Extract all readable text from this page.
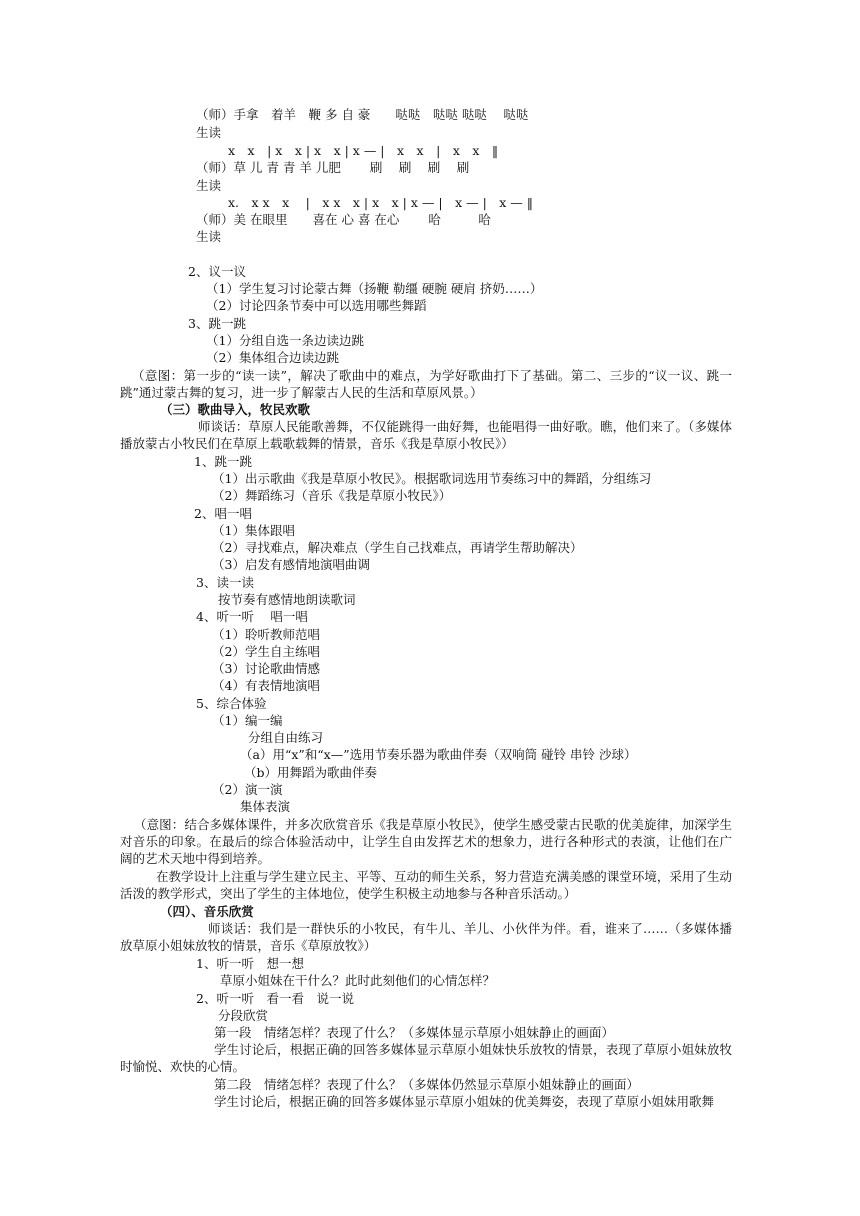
（师）手拿　着羊　鞭 多 自 豪　　哒哒　哒哒 哒哒　 哒哒
生读
x　x　| x　x | x　x | x — |　x　x　|　x　x　‖
（师）草 儿 青 青 羊 儿肥　　 刷　 刷　 刷　 刷
生读
x.　x x　x　 |　x x　x | x　x | x — |　x — |　x — ‖
（师）美 在眼里　　喜在 心 喜 在心　　 哈　　　哈
生读
2、议一议
（1）学生复习讨论蒙古舞（扬鞭 勒缰 硬腕 硬肩 挤奶……）
（2）讨论四条节奏中可以选用哪些舞蹈
3、跳一跳
（1）分组自选一条边读边跳
（2）集体组合边读边跳
（意图：第一步的“读一读”，解决了歌曲中的难点，为学好歌曲打下了基础。第二、三步的“议一议、跳一跳”通过蒙古舞的复习，进一步了解蒙古人民的生活和草原风景。）
（三）歌曲导入，牧民欢歌
师谈话：草原人民能歌善舞，不仅能跳得一曲好舞，也能唱得一曲好歌。瞧，他们来了。（多媒体播放蒙古小牧民们在草原上载歌载舞的情景，音乐《我是草原小牧民》）
1、跳一跳
（1）出示歌曲《我是草原小牧民》。根据歌词选用节奏练习中的舞蹈，分组练习
（2）舞蹈练习（音乐《我是草原小牧民》）
2、唱一唱
（1）集体跟唱
（2）寻找难点，解决难点（学生自己找难点，再请学生帮助解决）
（3）启发有感情地演唱曲调
3、读一读
按节奏有感情地朗读歌词
4、听一听　 唱一唱
（1）聆听教师范唱
（2）学生自主练唱
（3）讨论歌曲情感
（4）有表情地演唱
5、综合体验
（1）编一编
分组自由练习
（a）用“x”和“x—”选用节奏乐器为歌曲伴奏（双响筒 碰铃 串铃 沙球）
（b）用舞蹈为歌曲伴奏
（2）演一演
集体表演
（意图：结合多媒体课件，并多次欣赏音乐《我是草原小牧民》，使学生感受蒙古民歌的优美旋律，加深学生对音乐的印象。在最后的综合体验活动中，让学生自由发挥艺术的想象力，进行各种形式的表演，让他们在广阔的艺术天地中得到培养。
在教学设计上注重与学生建立民主、平等、互动的师生关系，努力营造充满美感的课堂环境，采用了生动活泼的教学形式，突出了学生的主体地位，使学生积极主动地参与各种音乐活动。）
（四）、音乐欣赏
师谈话：我们是一群快乐的小牧民，有牛儿、羊儿、小伙伴为伴。看，谁来了……（多媒体播放草原小姐妹放牧的情景，音乐《草原放牧》）
1、听一听　想一想
草原小姐妹在干什么？此时此刻他们的心情怎样？
2、听一听　看一看　说一说
分段欣赏
第一段　情绪怎样？表现了什么？（多媒体显示草原小姐妹静止的画面）
学生讨论后，根据正确的回答多媒体显示草原小姐妹快乐放牧的情景，表现了草原小姐妹放牧时愉悦、欢快的心情。
第二段　情绪怎样？表现了什么？（多媒体仍然显示草原小姐妹静止的画面）
学生讨论后，根据正确的回答多媒体显示草原小姐妹的优美舞姿，表现了草原小姐妹用歌舞
